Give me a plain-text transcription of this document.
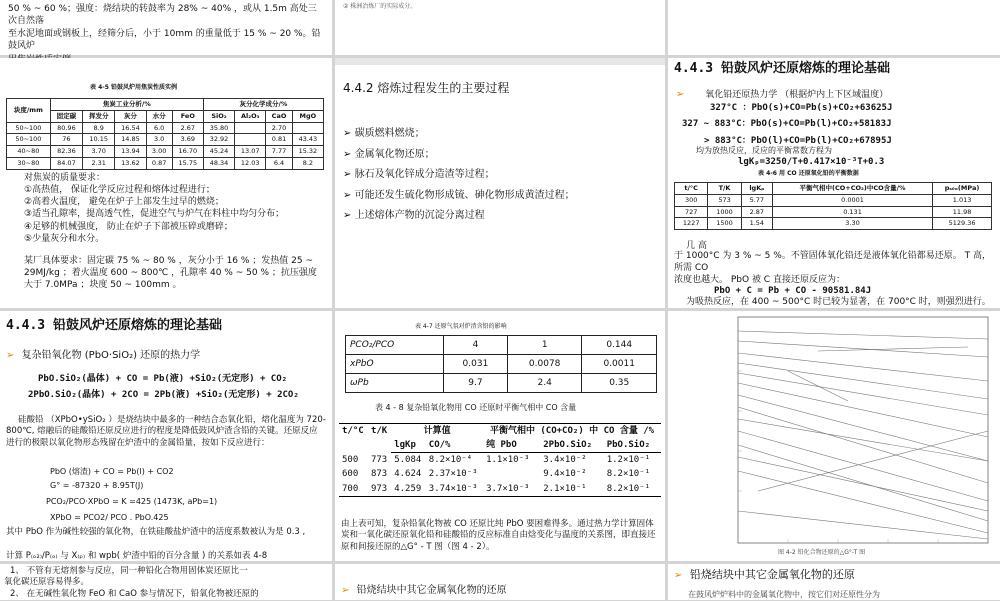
50 % ~ 60 %；强度：烧结块的转鼓率为 28% ~ 40% ，或从 1.5m 高处三次自然落
至水泥地面或钢板上，经筛分后，小于 10mm 的重量低于 15 % ~ 20 %。铅鼓风炉
② 株洲冶炼厂的实际成分。
表 4-5 铅鼓风炉用焦炭性质实例
块度/mm	焦炭工业分析/%					灰分化学成分/%			
	固定碳	挥发分	灰分	水分	FeO	SiO₂	Al₂O₃	CaO	MgO
50~100	80.96	8.9	16.54	6.0	2.67	35.80		2.70	
50~100	76	10.15	14.85	3.0	3.69	32.92		0.81	43.43
40~80	82.36	3.70	13.94	3.00	16.70	45.24	13.07	7.77	15.32
30~80	84.07	2.31	13.62	0.87	15.75	48.34	12.03	6.4	8.2
对焦炭的质量要求：
①高热值， 保证化学反应过程和熔体过程进行；
②高着火温度， 避免在炉子上部发生过早的燃烧；
③适当孔隙率，提高透气性，促进空气与炉气在料柱中均匀分布；
④足够的机械强度， 防止在炉子下部被压碎或磨碎；
⑤少量灰分和水分。
某厂具体要求：固定碳 75 % ~ 80 % ，灰分小于 16 % ；发热值 25 ~ 29MJ/kg ；着火温度 600 ~ 800℃ ，孔隙率 40 % ~ 50 % ；抗压强度大于 7.0MPa ；块度 50 ~ 100mm 。
4.4.2 熔炼过程发生的主要过程
➢ 碳质燃料燃烧；
➢ 金属氧化物还原；
➢ 脉石及氧化锌成分造渣等过程；
➢ 可能还发生硫化物形成锍、砷化物形成黄渣过程；
➢ 上述熔体产物的沉淀分离过程
4.4.3 铅鼓风炉还原熔炼的理论基础
➢ 氧化铅还原热力学 （根据炉内上下区域温度）
327°C ：PbO(s)+CO=Pb(s)+CO₂+63625J
327 ~ 883°C：PbO(s)+CO=Pb(l)+CO₂+58183J
> 883°C：PbO(l)+CO=Pb(l)+CO₂+67895J
均为放热反应，反应的平衡常数方程为
lgKₚ=3250/T+0.417×10⁻³T+0.3
表 4-6 用 CO 还原氧化铅的平衡数据
t/°C	T/K	lgKₚ	平衡气相中(CO+CO₂)中CO含量/%	pₛ₀ₒ(MPa)
300	573	5.77	0.0001	1.013
727	1000	2.87	0.131	11.98
1227	1500	1.54	3.30	5129.36
几 高
于 1000°C 为 3 % ~ 5 %。不管固体氧化铅还是液体氧化铅都易还原。 T 高，所需 CO
浓度也越大。 PbO 被 C 直接还原反应为：
PbO + C = Pb + CO - 90581.84J
为吸热反应，在 400 ~ 500°C 时已较为显著，在 700°C 时，则强烈进行。
4.4.3 铅鼓风炉还原熔炼的理论基础
➢ 复杂铅氧化物 (PbO·SiO₂) 还原的热力学
PbO.SiO₂(晶体) + CO = Pb(液) +SiO₂(无定形) + CO₂
2PbO.SiO₂(晶体) + 2CO = 2Pb(液) +SiO₂(无定形) + 2CO₂
硅酸铅 （XPbO•ySiO₂ ）是烧结块中最多的一种结合态氧化铅，熔化温度为 720-800℃, 熔融后的硅酸铅还原反应进行的程度是降低鼓风炉渣含铅的关键。还原反应进行的极限以氧化物形态残留在炉渣中的金属铅量，按如下反应进行：
PbO (熔渣) + CO = Pb(l) + CO2
G° = -87320 + 8.95T(J)
PCO₂/PCO·XPbO = K =425 (1473K, aPb=1)
XPbO = PCO2/ PCO . PbO.425
其中 PbO 作为碱性较强的氧化物，在铁硅酸盐炉渣中的活度系数被认为是 0.3 ,
计算 P₍ₒ₂₎/P₍ₒ₎ 与 X₍ₚ₎ 和 wpb( 炉渣中铅的百分含量 ) 的关系如表 4-8
表 4-7 还原气氛对炉渣含铅的影响
PCO₂/PCO	4	1	0.144
xPbO	0.031	0.0078	0.0011
ωPb	9.7	2.4	0.35
表 4 - 8 复杂铅氧化物用 CO 还原时平衡气相中 CO 含量
t/°C	t/K	计算值		平衡气相中 (CO+CO₂) 中 CO 含量 /%		
		lgKp	CO/%	纯 PbO	2PbO.SiO₂	PbO.SiO₂
500	773	5.084	8.2×10⁻⁴	1.1×10⁻³	3.4×10⁻²	1.2×10⁻¹
600	873	4.624	2.37×10⁻³		9.4×10⁻²	8.2×10⁻¹
700	973	4.259	3.74×10⁻³	3.7×10⁻³	2.1×10⁻¹	8.2×10⁻¹
由上表可知，复杂铅氧化物被 CO 还原比纯 PbO 要困难得多。通过热力学计算固体炭和一氧化碳还原氧化铅和硅酸铅的反应标准自由焓变化与温度的关系图，即直接还原和间接还原的△G° - T 图（图 4 - 2）。
图 4-2 铅化合物还原的△G°-T 图
1、 不管有无熔剂参与反应，同一种铅化合物用固体炭还原比一
氧化碳还原容易得多。
2、 在无碱性氧化物 FeO 和 CaO 参与情况下，铅氧化物被还原的	➢ 铅烧结块中其它金属氧化物的还原
➢ 铅烧结块中其它金属氧化物的还原
在鼓风炉炉料中的金属氧化物中，按它们对还原性分为
